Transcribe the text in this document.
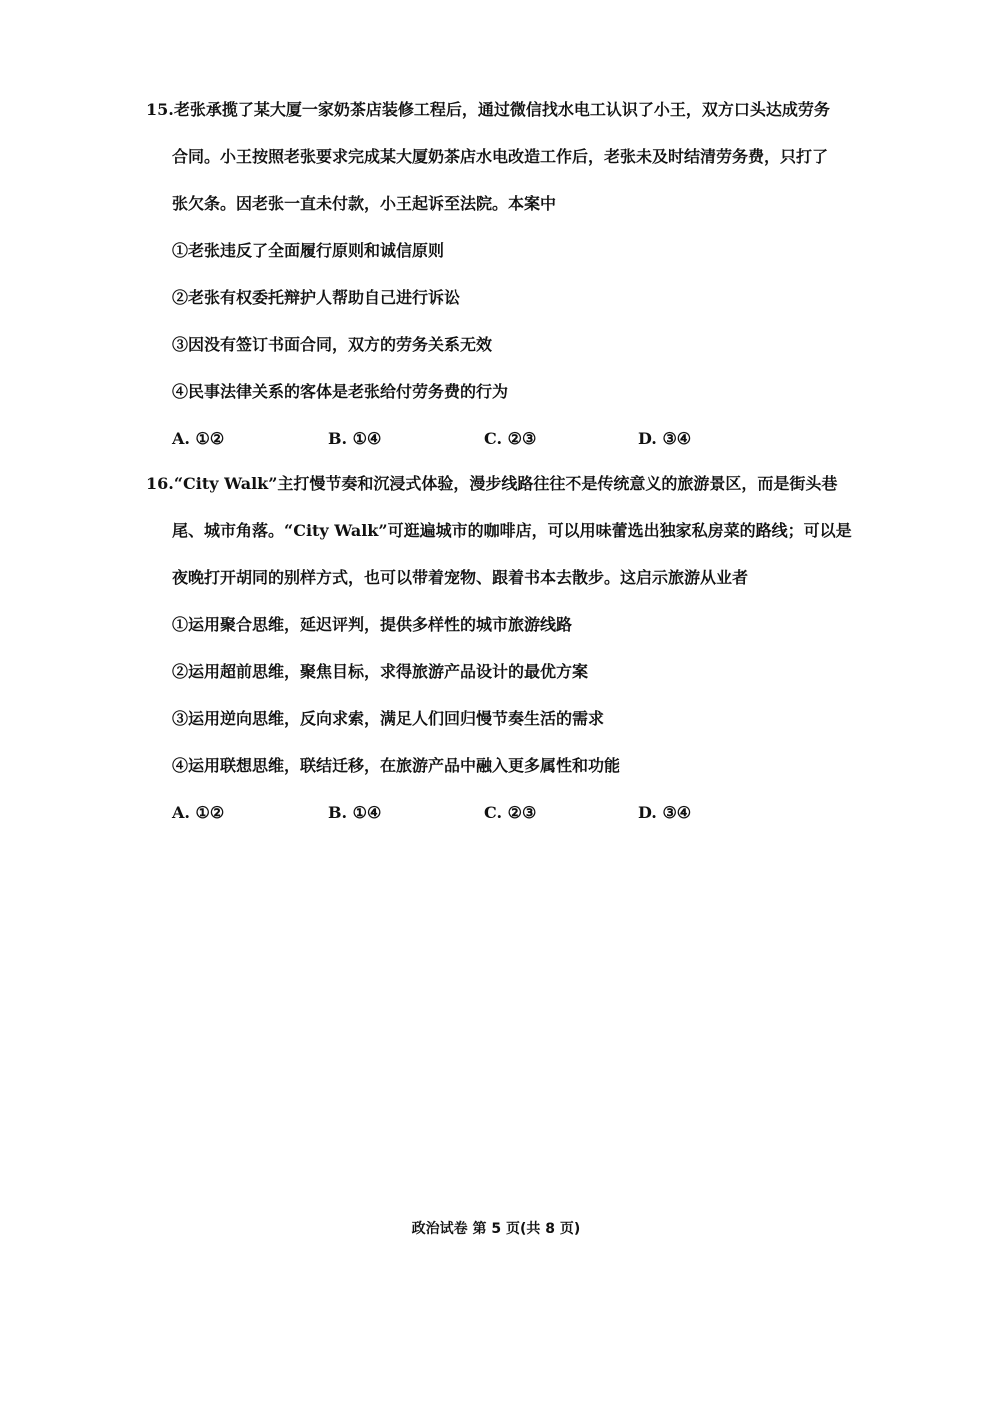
15.老张承揽了某大厦一家奶茶店装修工程后，通过微信找水电工认识了小王，双方口头达成劳务
合同。小王按照老张要求完成某大厦奶茶店水电改造工作后，老张未及时结清劳务费，只打了
张欠条。因老张一直未付款，小王起诉至法院。本案中

①老张违反了全面履行原则和诚信原则
②老张有权委托辩护人帮助自己进行诉讼
③因没有签订书面合同，双方的劳务关系无效
④民事法律关系的客体是老张给付劳务费的行为
A. ①②	B. ①④	C. ②③	D. ③④

16.“City Walk”主打慢节奏和沉浸式体验，漫步线路往往不是传统意义的旅游景区，而是街头巷
尾、城市角落。“City Walk”可逛遍城市的咖啡店，可以用味蕾选出独家私房菜的路线；可以是
夜晚打开胡同的别样方式，也可以带着宠物、跟着书本去散步。这启示旅游从业者

①运用聚合思维，延迟评判，提供多样性的城市旅游线路
②运用超前思维，聚焦目标，求得旅游产品设计的最优方案
③运用逆向思维，反向求索，满足人们回归慢节奏生活的需求
④运用联想思维，联结迁移，在旅游产品中融入更多属性和功能
A. ①②	B. ①④	C. ②③	D. ③④
政治试卷 第 5 页(共 8 页)
